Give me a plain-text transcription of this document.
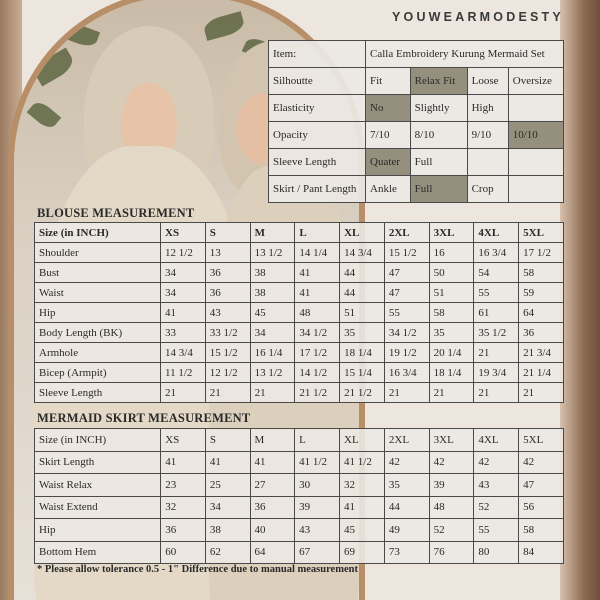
YOUWEARMODESTY
Item:	Calla Embroidery Kurung Mermaid Set			
Silhoutte	Fit	Relax Fit	Loose	Oversize
Elasticity	No	Slightly	High	
Opacity	7/10	8/10	9/10	10/10
Sleeve Length	Quater	Full		
Skirt / Pant Length	Ankle	Full	Crop	
BLOUSE MEASUREMENT
Size (in INCH)	XS	S	M	L	XL	2XL	3XL	4XL	5XL
Shoulder	12 1/2	13	13 1/2	14 1/4	14 3/4	15 1/2	16	16 3/4	17 1/2
Bust	34	36	38	41	44	47	50	54	58
Waist	34	36	38	41	44	47	51	55	59
Hip	41	43	45	48	51	55	58	61	64
Body Length (BK)	33	33 1/2	34	34 1/2	35	34 1/2	35	35 1/2	36
Armhole	14 3/4	15 1/2	16 1/4	17 1/2	18 1/4	19 1/2	20 1/4	21	21 3/4
Bicep (Armpit)	11 1/2	12 1/2	13 1/2	14 1/2	15 1/4	16 3/4	18 1/4	19 3/4	21 1/4
Sleeve Length	21	21	21	21 1/2	21 1/2	21	21	21	21
MERMAID SKIRT MEASUREMENT
Size (in INCH)	XS	S	M	L	XL	2XL	3XL	4XL	5XL
Skirt Length	41	41	41	41 1/2	41 1/2	42	42	42	42
Waist Relax	23	25	27	30	32	35	39	43	47
Waist Extend	32	34	36	39	41	44	48	52	56
Hip	36	38	40	43	45	49	52	55	58
Bottom Hem	60	62	64	67	69	73	76	80	84
* Please allow tolerance 0.5 - 1" Difference due to manual measurement
